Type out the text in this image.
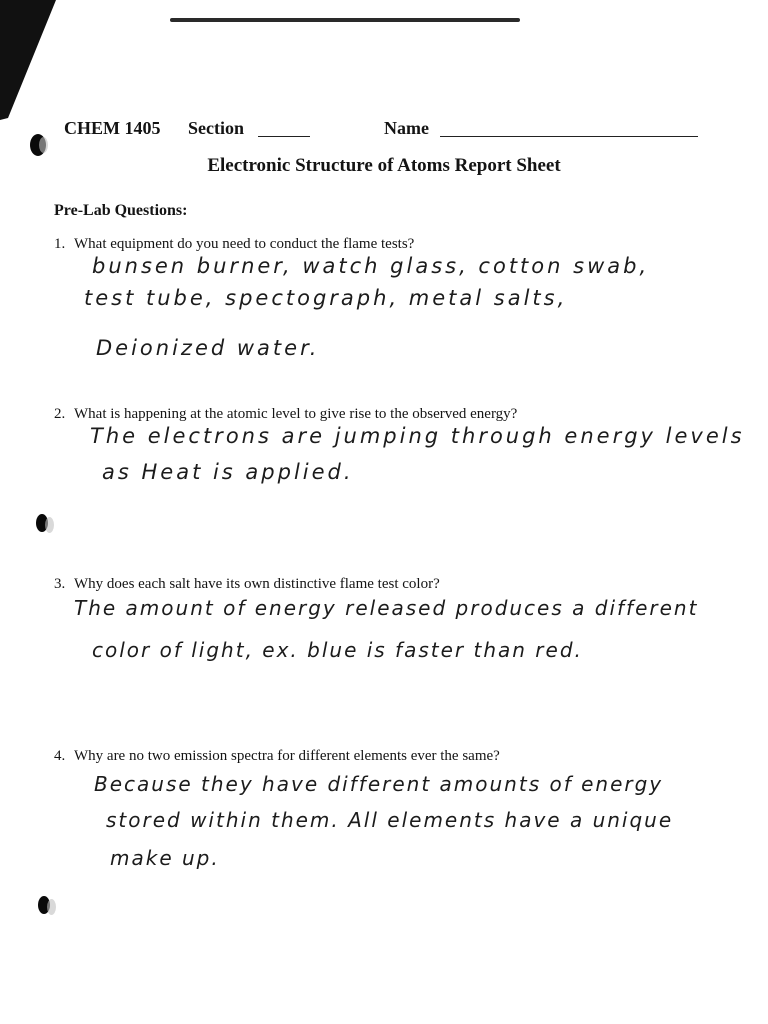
CHEM 1405 Section	Name
Electronic Structure of Atoms Report Sheet
Pre-Lab Questions:
1. What equipment do you need to conduct the flame tests?
bunsen burner, watch glass, cotton swab,
test tube, spectograph, metal salts,
Deionized water.
2. What is happening at the atomic level to give rise to the observed energy?
The electrons are jumping through energy levels
as Heat is applied.
3. Why does each salt have its own distinctive flame test color?
The amount of energy released produces a different
color of light, ex. blue is faster than red.
4. Why are no two emission spectra for different elements ever the same?
Because they have different amounts of energy
stored within them. All elements have a unique
make up.
